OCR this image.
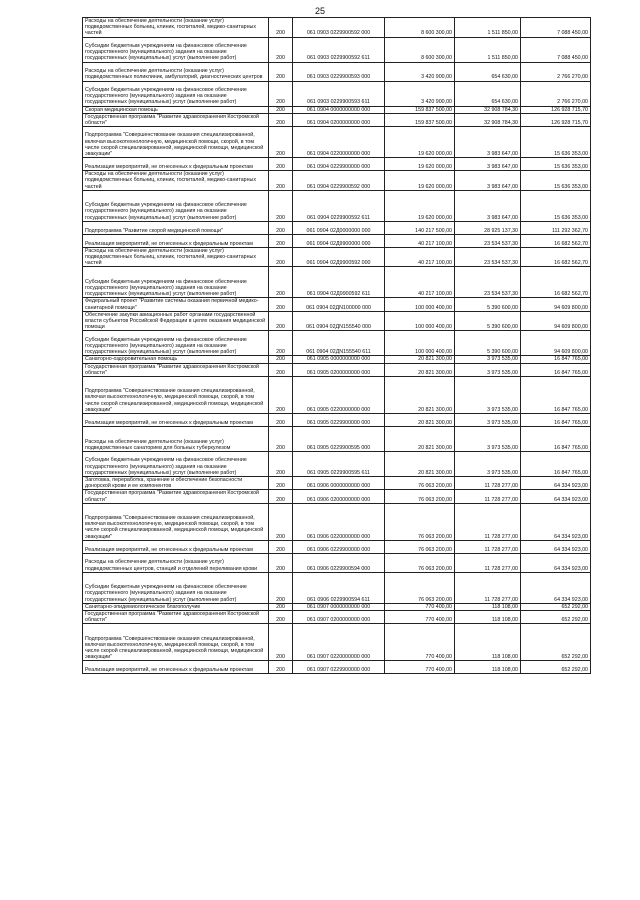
25
Расходы на обеспечение деятельности (оказание услуг) подведомственных больниц, клиник, госпиталей, медико-санитарных частей	200	061 0903 0229900592 000	8 600 300,00	1 511 850,00	7 088 450,00
Субсидии бюджетным учреждениям на финансовое обеспечение государственного (муниципального) задания на оказание государственных (муниципальных) услуг (выполнение работ)	200	061 0903 0229900592 611	8 600 300,00	1 511 850,00	7 088 450,00
Расходы на обеспечение деятельности (оказание услуг) подведомственных поликлиник, амбулаторий, диагностических центров	200	061 0903 0229900593 000	3 420 900,00	654 630,00	2 766 270,00
Субсидии бюджетным учреждениям на финансовое обеспечение государственного (муниципального) задания на оказание государственных (муниципальных) услуг (выполнение работ)	200	061 0903 0229900593 611	3 420 900,00	654 630,00	2 766 270,00
Скорая медицинская помощь	200	061 0904 0000000000 000	159 837 500,00	32 908 784,30	126 928 715,70
Государственная программа "Развитие здравоохранения Костромской области"	200	061 0904 0200000000 000	159 837 500,00	32 908 784,30	126 928 715,70
Подпрограмма "Совершенствование оказания специализированной, включая высокотехнологичную, медицинской помощи, скорой, в том числе скорой специализированной, медицинской помощи, медицинской эвакуации"	200	061 0904 0220000000 000	19 620 000,00	3 983 647,00	15 636 353,00
Реализация мероприятий, не отнесенных к федеральным проектам	200	061 0904 0229900000 000	19 620 000,00	3 983 647,00	15 636 353,00
Расходы на обеспечение деятельности (оказание услуг) подведомственных больниц, клиник, госпиталей, медико-санитарных частей	200	061 0904 0229900592 000	19 620 000,00	3 983 647,00	15 636 353,00
Субсидии бюджетным учреждениям на финансовое обеспечение государственного (муниципального) задания на оказание государственных (муниципальных) услуг (выполнение работ)	200	061 0904 0229900592 611	19 620 000,00	3 983 647,00	15 636 353,00
Подпрограмма "Развитие скорой медицинской помощи"	200	061 0904 02Д0000000 000	140 217 500,00	28 925 137,30	111 292 362,70
Реализация мероприятий, не отнесенных к федеральным проектам	200	061 0904 02Д9900000 000	40 217 100,00	23 534 537,30	16 682 562,70
Расходы на обеспечение деятельности (оказание услуг) подведомственных больниц, клиник, госпиталей, медико-санитарных частей	200	061 0904 02Д9900592 000	40 217 100,00	23 534 537,30	16 682 562,70
Субсидии бюджетным учреждениям на финансовое обеспечение государственного (муниципального) задания на оказание государственных (муниципальных) услуг (выполнение работ)	200	061 0904 02Д9900592 611	40 217 100,00	23 534 537,30	16 682 562,70
Федеральный проект "Развитие системы оказания первичной медико-санитарной помощи"	200	061 0904 02ДN100000 000	100 000 400,00	5 390 600,00	94 609 800,00
Обеспечение закупки авиационных работ органами государственной власти субъектов Российской Федерации в целях оказания медицинской помощи	200	061 0904 02ДN155540 000	100 000 400,00	5 390 600,00	94 609 800,00
Субсидии бюджетным учреждениям на финансовое обеспечение государственного (муниципального) задания на оказание государственных (муниципальных) услуг (выполнение работ)	200	061 0904 02ДN155540 611	100 000 400,00	5 390 600,00	94 609 800,00
Санаторно-оздоровительная помощь	200	061 0905 0000000000 000	20 821 300,00	3 973 535,00	16 847 765,00
Государственная программа "Развитие здравоохранения Костромской области"	200	061 0905 0200000000 000	20 821 300,00	3 973 535,00	16 847 765,00
Подпрограмма "Совершенствование оказания специализированной, включая высокотехнологичную, медицинской помощи, скорой, в том числе скорой специализированной, медицинской помощи, медицинской эвакуации"	200	061 0905 0220000000 000	20 821 300,00	3 973 535,00	16 847 765,00
Реализация мероприятий, не отнесенных к федеральным проектам	200	061 0905 0229900000 000	20 821 300,00	3 973 535,00	16 847 765,00
Расходы на обеспечение деятельности (оказание услуг) подведомственных санаториев для больных туберкулезом	200	061 0905 0229900595 000	20 821 300,00	3 973 535,00	16 847 765,00
Субсидии бюджетным учреждениям на финансовое обеспечение государственного (муниципального) задания на оказание государственных (муниципальных) услуг (выполнение работ)	200	061 0905 0229900595 611	20 821 300,00	3 973 535,00	16 847 765,00
Заготовка, переработка, хранение и обеспечение безопасности донорской крови и ее компонентов	200	061 0906 0000000000 000	76 063 200,00	11 728 277,00	64 334 923,00
Государственная программа "Развитие здравоохранения Костромской области"	200	061 0906 0200000000 000	76 063 200,00	11 728 277,00	64 334 923,00
Подпрограмма "Совершенствование оказания специализированной, включая высокотехнологичную, медицинской помощи, скорой, в том числе скорой специализированной, медицинской помощи, медицинской эвакуации"	200	061 0906 0220000000 000	76 063 200,00	11 728 277,00	64 334 923,00
Реализация мероприятий, не отнесенных к федеральным проектам	200	061 0906 0229900000 000	76 063 200,00	11 728 277,00	64 334 923,00
Расходы на обеспечение деятельности (оказание услуг) подведомственных центров, станций и отделений переливания крови	200	061 0906 0229900594 000	76 063 200,00	11 728 277,00	64 334 923,00
Субсидии бюджетным учреждениям на финансовое обеспечение государственного (муниципального) задания на оказание государственных (муниципальных) услуг (выполнение работ)	200	061 0906 0229900594 611	76 063 200,00	11 728 277,00	64 334 923,00
Санитарно-эпидемиологическое благополучие	200	061 0907 0000000000 000	770 400,00	118 108,00	652 292,00
Государственная программа "Развитие здравоохранения Костромской области"	200	061 0907 0200000000 000	770 400,00	118 108,00	652 292,00
Подпрограмма "Совершенствование оказания специализированной, включая высокотехнологичную, медицинской помощи, скорой, в том числе скорой специализированной, медицинской помощи, медицинской эвакуации"	200	061 0907 0220000000 000	770 400,00	118 108,00	652 292,00
Реализация мероприятий, не отнесенных к федеральным проектам	200	061 0907 0229900000 000	770 400,00	118 108,00	652 292,00
